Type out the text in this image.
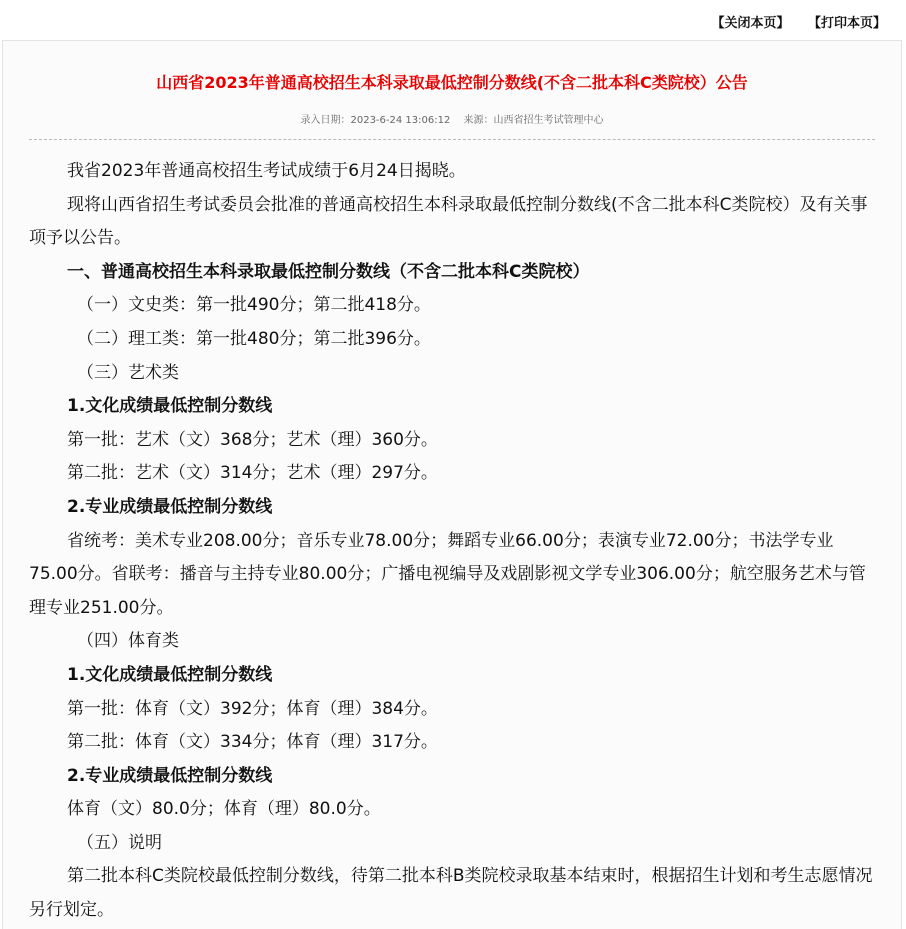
【关闭本页】 【打印本页】
山西省2023年普通高校招生本科录取最低控制分数线(不含二批本科C类院校）公告
录入日期：2023-6-24 13:06:12 来源：山西省招生考试管理中心

我省2023年普通高校招生考试成绩于6月24日揭晓。

现将山西省招生考试委员会批准的普通高校招生本科录取最低控制分数线(不含二批本科C类院校）及有关事项予以公告。

一、普通高校招生本科录取最低控制分数线（不含二批本科C类院校）

（一）文史类：第一批490分；第二批418分。

（二）理工类：第一批480分；第二批396分。

（三）艺术类

1.文化成绩最低控制分数线

第一批：艺术（文）368分；艺术（理）360分。

第二批：艺术（文）314分；艺术（理）297分。

2.专业成绩最低控制分数线

省统考：美术专业208.00分；音乐专业78.00分；舞蹈专业66.00分；表演专业72.00分；书法学专业75.00分。省联考：播音与主持专业80.00分；广播电视编导及戏剧影视文学专业306.00分；航空服务艺术与管理专业251.00分。

（四）体育类

1.文化成绩最低控制分数线

第一批：体育（文）392分；体育（理）384分。

第二批：体育（文）334分；体育（理）317分。

2.专业成绩最低控制分数线

体育（文）80.0分；体育（理）80.0分。

（五）说明

第二批本科C类院校最低控制分数线，待第二批本科B类院校录取基本结束时，根据招生计划和考生志愿情况另行划定。
